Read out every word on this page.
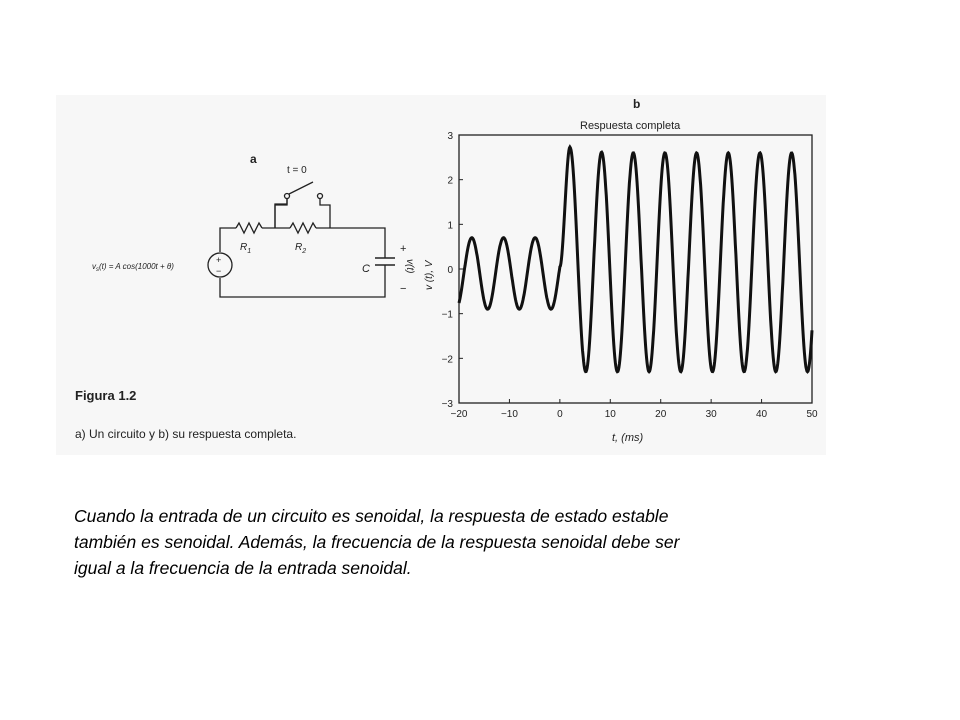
a
t = 0
$R_1$	$R_2$
C
+
−
v(t)
+
−
$v_s(t) = A$ cos(1000t + θ)
b
Respuesta completa
3
2
1
0
−1
−2
−3
−20	−10	0	10	20	30	40	50
t, (ms)
v (t), V
Figura 1.2
a) Un circuito y b) su respuesta completa.
Cuando la entrada de un circuito es senoidal, la respuesta de estado estable
también es senoidal. Además, la frecuencia de la respuesta senoidal debe ser
igual a la frecuencia de la entrada senoidal.
